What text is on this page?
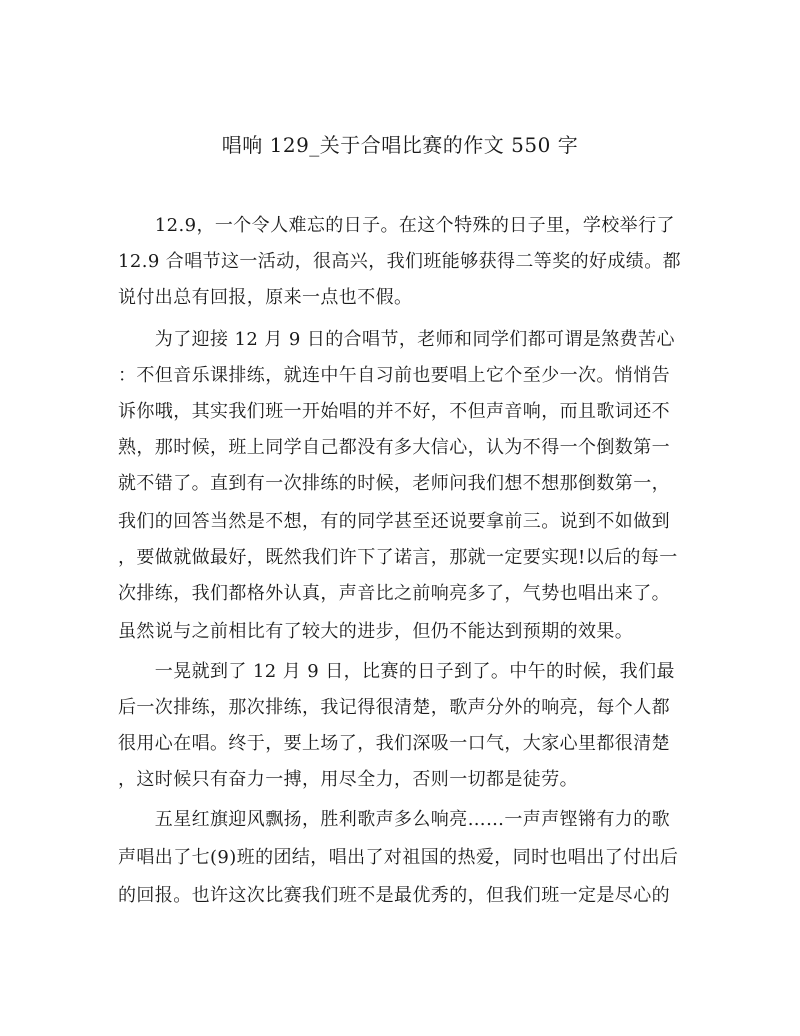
唱响 129_关于合唱比赛的作文 550 字
　　12.9，一个令人难忘的日子。在这个特殊的日子里，学校举行了
12.9 合唱节这一活动，很高兴，我们班能够获得二等奖的好成绩。都
说付出总有回报，原来一点也不假。
　　为了迎接 12 月 9 日的合唱节，老师和同学们都可谓是煞费苦心
：不但音乐课排练，就连中午自习前也要唱上它个至少一次。悄悄告
诉你哦，其实我们班一开始唱的并不好，不但声音响，而且歌词还不
熟，那时候，班上同学自己都没有多大信心，认为不得一个倒数第一
就不错了。直到有一次排练的时候，老师问我们想不想那倒数第一，
我们的回答当然是不想，有的同学甚至还说要拿前三。说到不如做到
，要做就做最好，既然我们许下了诺言，那就一定要实现!以后的每一
次排练，我们都格外认真，声音比之前响亮多了，气势也唱出来了。
虽然说与之前相比有了较大的进步，但仍不能达到预期的效果。
　　一晃就到了 12 月 9 日，比赛的日子到了。中午的时候，我们最
后一次排练，那次排练，我记得很清楚，歌声分外的响亮，每个人都
很用心在唱。终于，要上场了，我们深吸一口气，大家心里都很清楚
，这时候只有奋力一搏，用尽全力，否则一切都是徒劳。
　　五星红旗迎风飘扬，胜利歌声多么响亮……一声声铿锵有力的歌
声唱出了七(9)班的团结，唱出了对祖国的热爱，同时也唱出了付出后
的回报。也许这次比赛我们班不是最优秀的，但我们班一定是尽心的
